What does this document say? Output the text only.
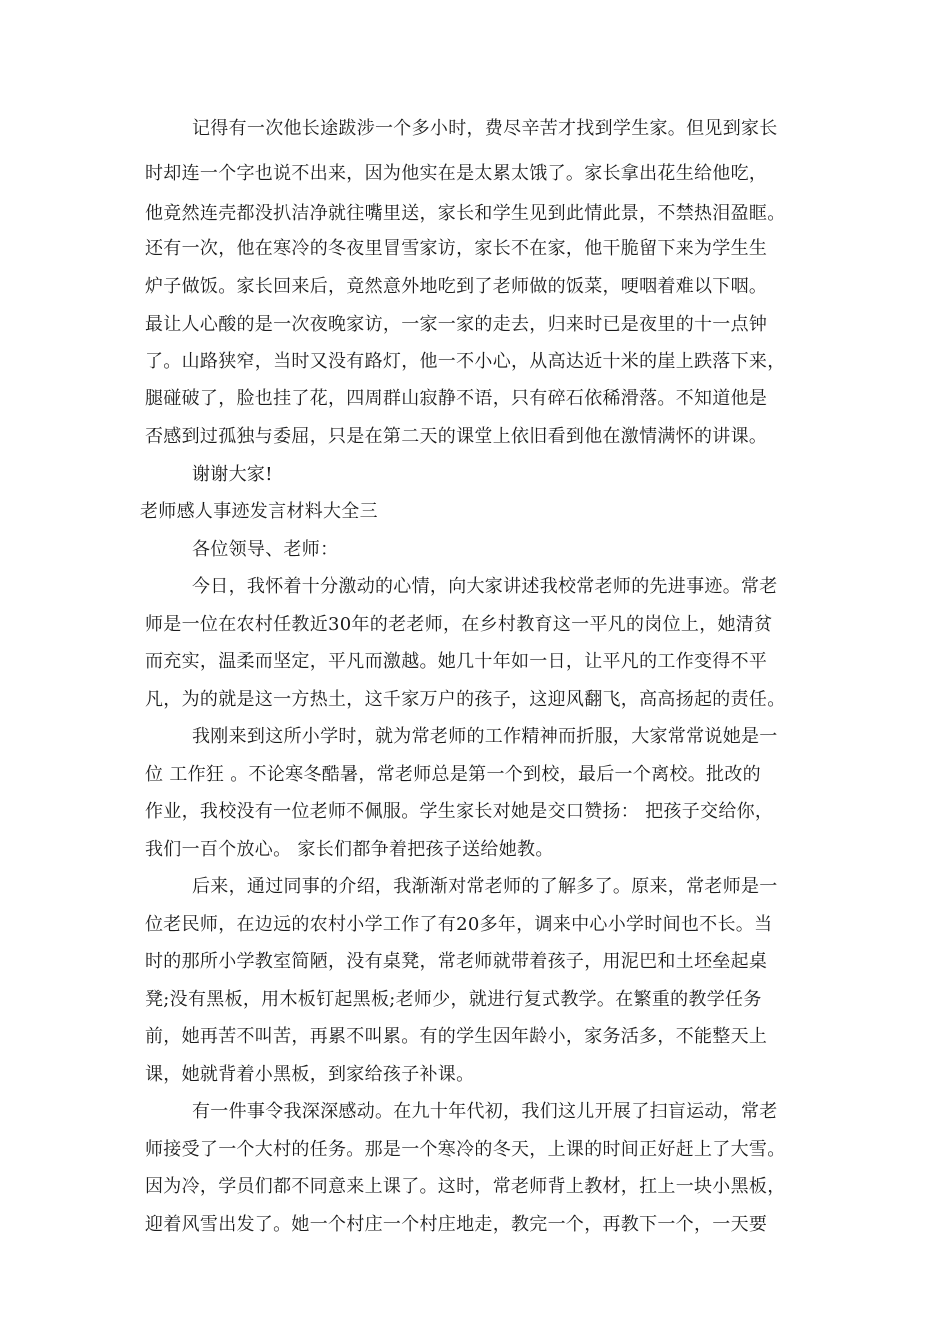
记得有一次他长途跋涉一个多小时，费尽辛苦才找到学生家。但见到家长
时却连一个字也说不出来，因为他实在是太累太饿了。家长拿出花生给他吃，
他竟然连壳都没扒洁净就往嘴里送，家长和学生见到此情此景，不禁热泪盈眶。
还有一次，他在寒冷的冬夜里冒雪家访，家长不在家，他干脆留下来为学生生
炉子做饭。家长回来后，竟然意外地吃到了老师做的饭菜，哽咽着难以下咽。
最让人心酸的是一次夜晚家访，一家一家的走去，归来时已是夜里的十一点钟
了。山路狭窄，当时又没有路灯，他一不小心，从高达近十米的崖上跌落下来，
腿碰破了，脸也挂了花，四周群山寂静不语，只有碎石依稀滑落。不知道他是
否感到过孤独与委屈，只是在第二天的课堂上依旧看到他在激情满怀的讲课。
谢谢大家!
老师感人事迹发言材料大全三
各位领导、老师：
今日，我怀着十分激动的心情，向大家讲述我校常老师的先进事迹。常老
师是一位在农村任教近30年的老老师，在乡村教育这一平凡的岗位上，她清贫
而充实，温柔而坚定，平凡而激越。她几十年如一日，让平凡的工作变得不平
凡，为的就是这一方热土，这千家万户的孩子，这迎风翻飞，高高扬起的责任。
我刚来到这所小学时，就为常老师的工作精神而折服，大家常常说她是一
位 工作狂 。不论寒冬酷暑，常老师总是第一个到校，最后一个离校。批改的
作业，我校没有一位老师不佩服。学生家长对她是交口赞扬： 把孩子交给你，
我们一百个放心。 家长们都争着把孩子送给她教。
后来，通过同事的介绍，我渐渐对常老师的了解多了。原来，常老师是一
位老民师，在边远的农村小学工作了有20多年，调来中心小学时间也不长。当
时的那所小学教室简陋，没有桌凳，常老师就带着孩子，用泥巴和土坯垒起桌
凳;没有黑板，用木板钉起黑板;老师少，就进行复式教学。在繁重的教学任务
前，她再苦不叫苦，再累不叫累。有的学生因年龄小，家务活多，不能整天上
课，她就背着小黑板，到家给孩子补课。
有一件事令我深深感动。在九十年代初，我们这儿开展了扫盲运动，常老
师接受了一个大村的任务。那是一个寒冷的冬天，上课的时间正好赶上了大雪。
因为冷，学员们都不同意来上课了。这时，常老师背上教材，扛上一块小黑板，
迎着风雪出发了。她一个村庄一个村庄地走，教完一个，再教下一个，一天要
